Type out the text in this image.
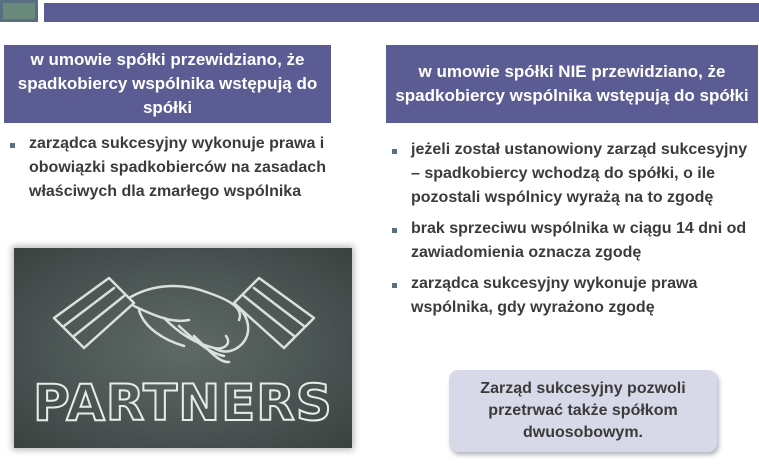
w umowie spółki przewidziano, że spadkobiercy wspólnika wstępują do spółki
w umowie spółki NIE przewidziano, że spadkobiercy wspólnika wstępują do spółki
zarządca sukcesyjny wykonuje prawa i obowiązki spadkobierców na zasadach właściwych dla zmarłego wspólnika
PARTNERS
jeżeli został ustanowiony zarząd sukcesyjny – spadkobiercy wchodzą do spółki, o ile pozostali wspólnicy wyrażą na to zgodę
brak sprzeciwu wspólnika w ciągu 14 dni od zawiadomienia oznacza zgodę
zarządca sukcesyjny wykonuje prawa wspólnika, gdy wyrażono zgodę
Zarząd sukcesyjny pozwoli przetrwać także spółkom dwuosobowym.
